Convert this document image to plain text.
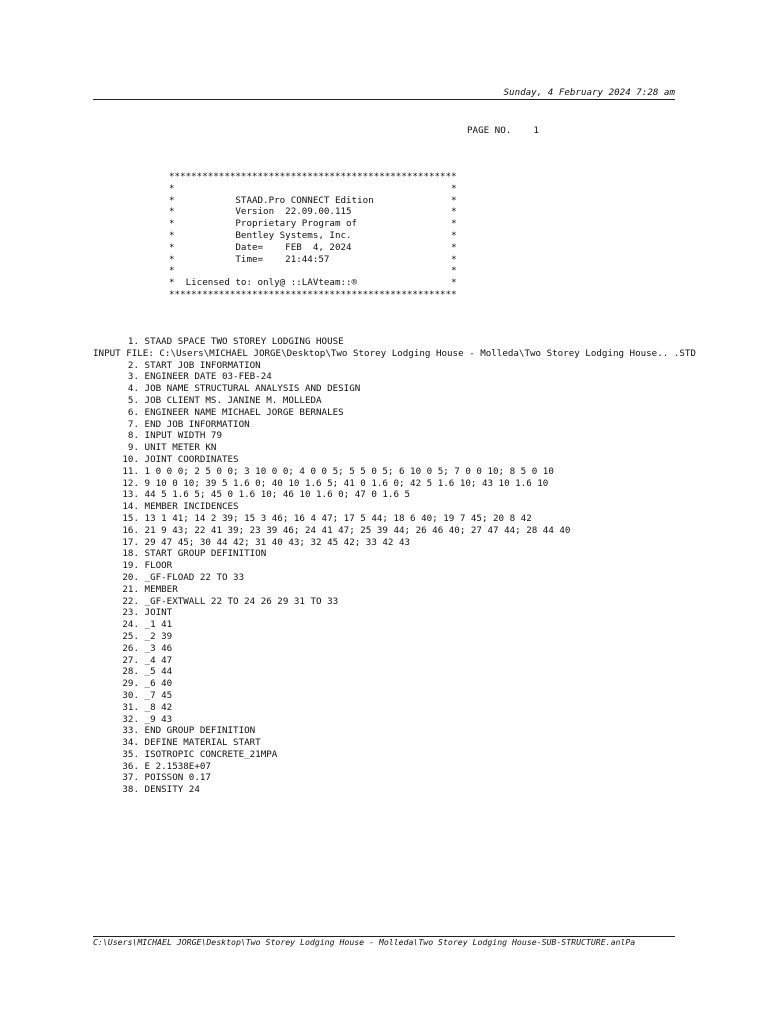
Sunday, 4 February 2024 7:28 am
PAGE NO. 1
****************************************************
*                                                  *
*           STAAD.Pro CONNECT Edition              *
*           Version  22.09.00.115                  *
*           Proprietary Program of                 *
*           Bentley Systems, Inc.                  *
*           Date=    FEB  4, 2024                  *
*           Time=    21:44:57                      *
*                                                  *
*  Licensed to: only@ ::LAVteam::®                 *
****************************************************
1. STAAD SPACE TWO STOREY LODGING HOUSE
INPUT FILE: C:\Users\MICHAEL JORGE\Desktop\Two Storey Lodging House - Molleda\Two Storey Lodging House.. .STD
2. START JOB INFORMATION
3. ENGINEER DATE 03-FEB-24
4. JOB NAME STRUCTURAL ANALYSIS AND DESIGN
5. JOB CLIENT MS. JANINE M. MOLLEDA
6. ENGINEER NAME MICHAEL JORGE BERNALES
7. END JOB INFORMATION
8. INPUT WIDTH 79
9. UNIT METER KN
10. JOINT COORDINATES
11. 1 0 0 0; 2 5 0 0; 3 10 0 0; 4 0 0 5; 5 5 0 5; 6 10 0 5; 7 0 0 10; 8 5 0 10
12. 9 10 0 10; 39 5 1.6 0; 40 10 1.6 5; 41 0 1.6 0; 42 5 1.6 10; 43 10 1.6 10
13. 44 5 1.6 5; 45 0 1.6 10; 46 10 1.6 0; 47 0 1.6 5
14. MEMBER INCIDENCES
15. 13 1 41; 14 2 39; 15 3 46; 16 4 47; 17 5 44; 18 6 40; 19 7 45; 20 8 42
16. 21 9 43; 22 41 39; 23 39 46; 24 41 47; 25 39 44; 26 46 40; 27 47 44; 28 44 40
17. 29 47 45; 30 44 42; 31 40 43; 32 45 42; 33 42 43
18. START GROUP DEFINITION
19. FLOOR
20. _GF-FLOAD 22 TO 33
21. MEMBER
22. _GF-EXTWALL 22 TO 24 26 29 31 TO 33
23. JOINT
24. _1 41
25. _2 39
26. _3 46
27. _4 47
28. _5 44
29. _6 40
30. _7 45
31. _8 42
32. _9 43
33. END GROUP DEFINITION
34. DEFINE MATERIAL START
35. ISOTROPIC CONCRETE_21MPA
36. E 2.1538E+07
37. POISSON 0.17
38. DENSITY 24
C:\Users\MICHAEL JORGE\Desktop\Two Storey Lodging House - Molleda\Two Storey Lodging House-SUB-STRUCTURE.anlPa
